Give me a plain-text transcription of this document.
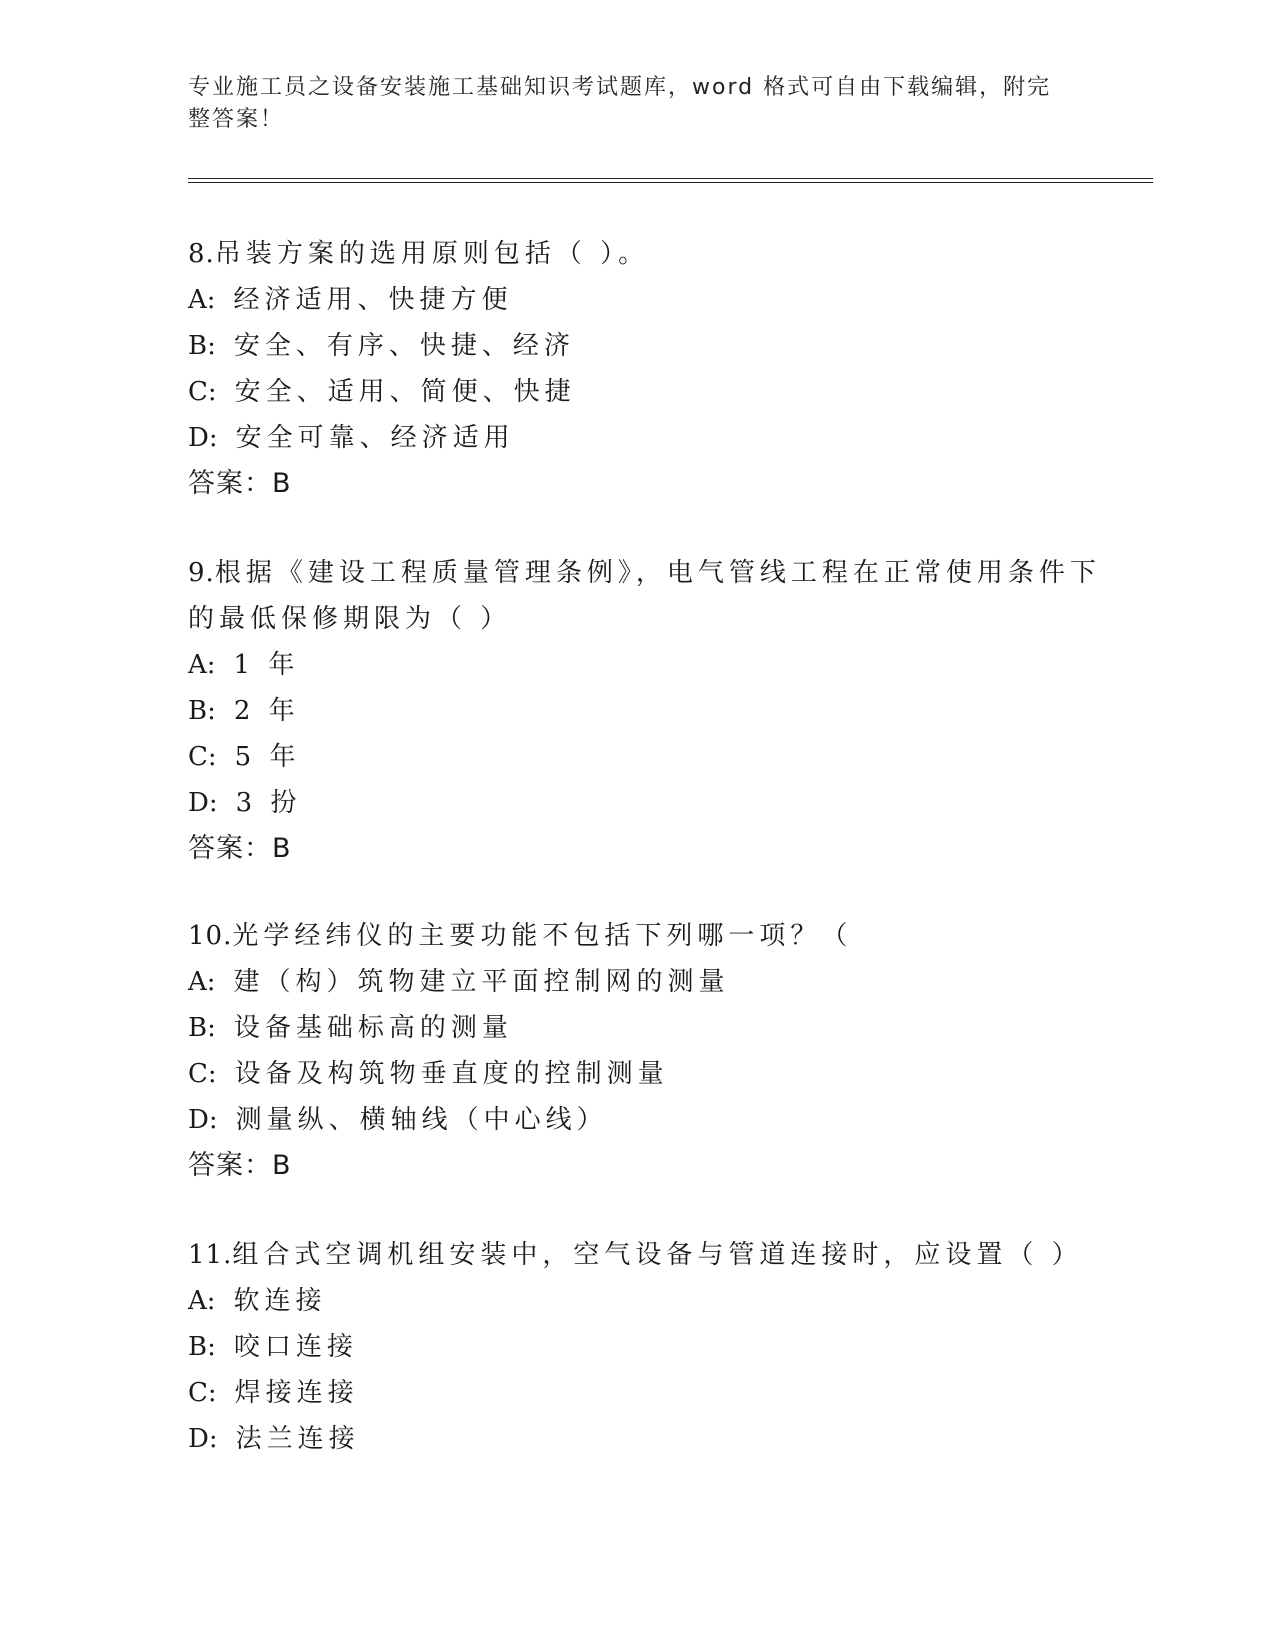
专业施工员之设备安装施工基础知识考试题库，word 格式可自由下载编辑，附完
整答案！
8.吊装方案的选用原则包括（ ）。
A: 经济适用、快捷方便
B: 安全、有序、快捷、经济
C: 安全、适用、简便、快捷
D: 安全可靠、经济适用
答案：B
9.根据《建设工程质量管理条例》，电气管线工程在正常使用条件下
的最低保修期限为（ ）
A: 1 年
B: 2 年
C: 5 年
D: 3 扮
答案：B
10.光学经纬仪的主要功能不包括下列哪一项？（
A: 建（构）筑物建立平面控制网的测量
B: 设备基础标高的测量
C: 设备及构筑物垂直度的控制测量
D: 测量纵、横轴线（中心线）
答案：B
11.组合式空调机组安装中，空气设备与管道连接时，应设置（ ）
A: 软连接
B: 咬口连接
C: 焊接连接
D: 法兰连接
